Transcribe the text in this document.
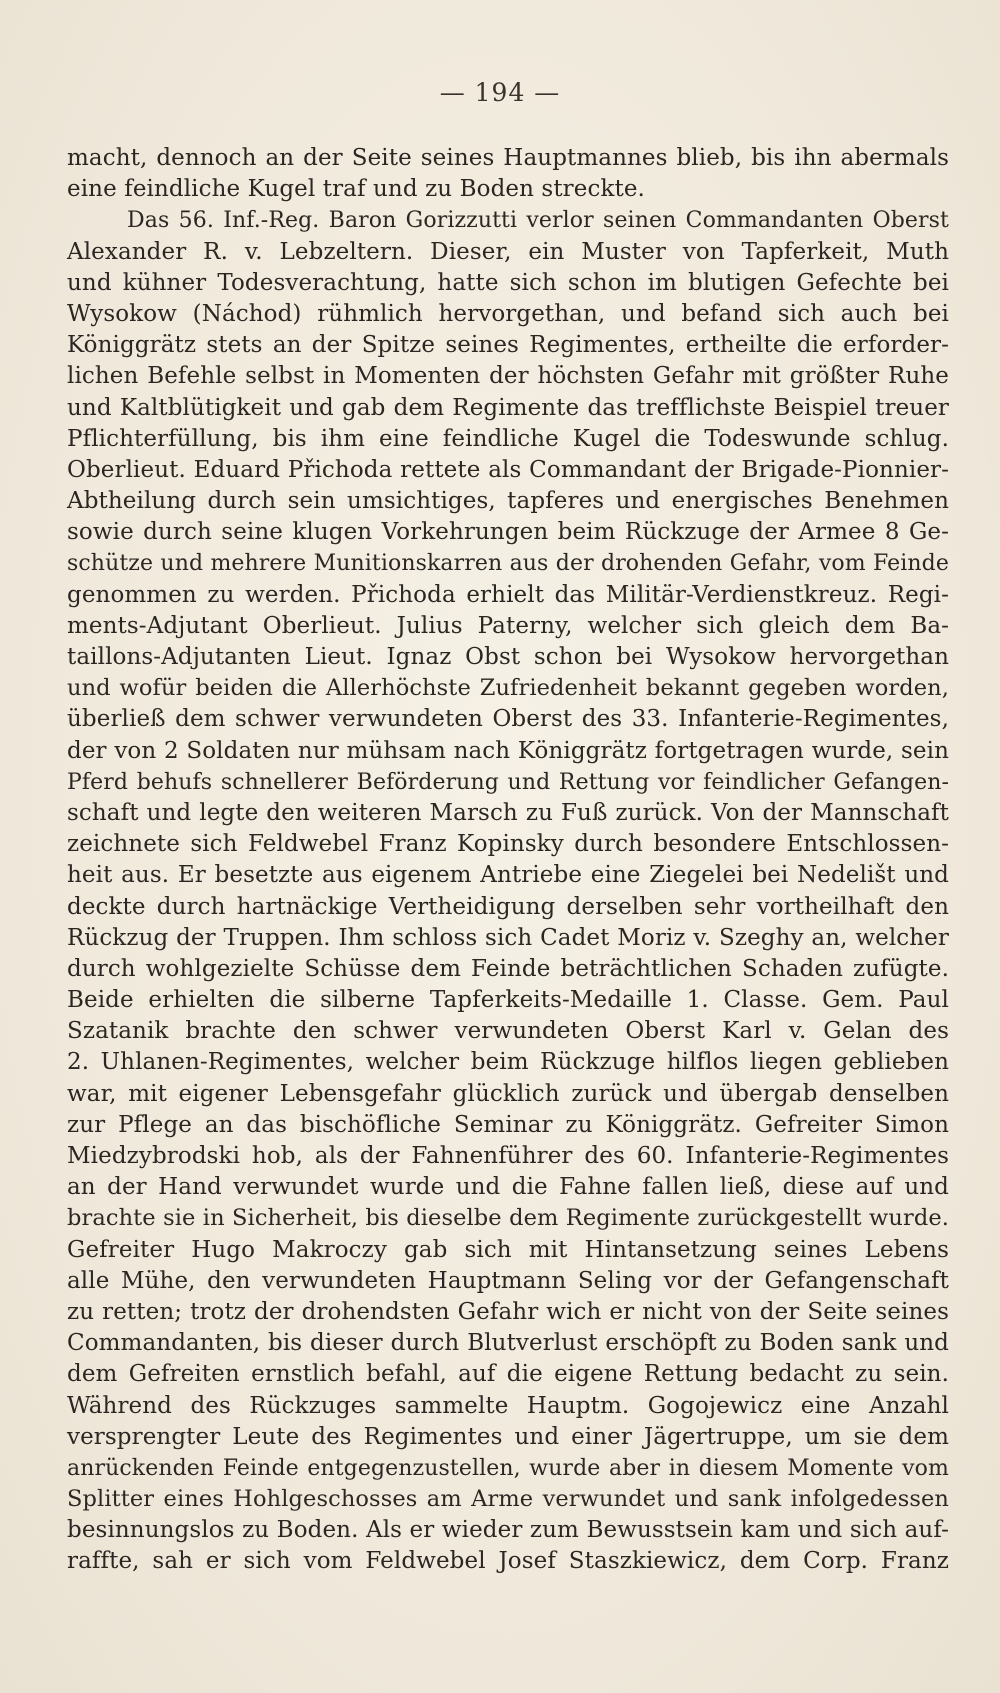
— 194 —
macht, dennoch an der Seite seines Hauptmannes blieb, bis ihn abermals
eine feindliche Kugel traf und zu Boden streckte.
Das 56. Inf.-Reg. Baron Gorizzutti verlor seinen Commandanten Oberst
Alexander R. v. Lebzeltern. Dieser, ein Muster von Tapferkeit, Muth
und kühner Todesverachtung, hatte sich schon im blutigen Gefechte bei
Wysokow (Náchod) rühmlich hervorgethan, und befand sich auch bei
Königgrätz stets an der Spitze seines Regimentes, ertheilte die erforder-
lichen Befehle selbst in Momenten der höchsten Gefahr mit größter Ruhe
und Kaltblütigkeit und gab dem Regimente das trefflichste Beispiel treuer
Pflichterfüllung, bis ihm eine feindliche Kugel die Todeswunde schlug.
Oberlieut. Eduard Přichoda rettete als Commandant der Brigade-Pionnier-
Abtheilung durch sein umsichtiges, tapferes und energisches Benehmen
sowie durch seine klugen Vorkehrungen beim Rückzuge der Armee 8 Ge-
schütze und mehrere Munitionskarren aus der drohenden Gefahr, vom Feinde
genommen zu werden. Přichoda erhielt das Militär-Verdienstkreuz. Regi-
ments-Adjutant Oberlieut. Julius Paterny, welcher sich gleich dem Ba-
taillons-Adjutanten Lieut. Ignaz Obst schon bei Wysokow hervorgethan
und wofür beiden die Allerhöchste Zufriedenheit bekannt gegeben worden,
überließ dem schwer verwundeten Oberst des 33. Infanterie-Regimentes,
der von 2 Soldaten nur mühsam nach Königgrätz fortgetragen wurde, sein
Pferd behufs schnellerer Beförderung und Rettung vor feindlicher Gefangen-
schaft und legte den weiteren Marsch zu Fuß zurück. Von der Mannschaft
zeichnete sich Feldwebel Franz Kopinsky durch besondere Entschlossen-
heit aus. Er besetzte aus eigenem Antriebe eine Ziegelei bei Nedelišt und
deckte durch hartnäckige Vertheidigung derselben sehr vortheilhaft den
Rückzug der Truppen. Ihm schloss sich Cadet Moriz v. Szeghy an, welcher
durch wohlgezielte Schüsse dem Feinde beträchtlichen Schaden zufügte.
Beide erhielten die silberne Tapferkeits-Medaille 1. Classe. Gem. Paul
Szatanik brachte den schwer verwundeten Oberst Karl v. Gelan des
2. Uhlanen-Regimentes, welcher beim Rückzuge hilflos liegen geblieben
war, mit eigener Lebensgefahr glücklich zurück und übergab denselben
zur Pflege an das bischöfliche Seminar zu Königgrätz. Gefreiter Simon
Miedzybrodski hob, als der Fahnenführer des 60. Infanterie-Regimentes
an der Hand verwundet wurde und die Fahne fallen ließ, diese auf und
brachte sie in Sicherheit, bis dieselbe dem Regimente zurückgestellt wurde.
Gefreiter Hugo Makroczy gab sich mit Hintansetzung seines Lebens
alle Mühe, den verwundeten Hauptmann Seling vor der Gefangenschaft
zu retten; trotz der drohendsten Gefahr wich er nicht von der Seite seines
Commandanten, bis dieser durch Blutverlust erschöpft zu Boden sank und
dem Gefreiten ernstlich befahl, auf die eigene Rettung bedacht zu sein.
Während des Rückzuges sammelte Hauptm. Gogojewicz eine Anzahl
versprengter Leute des Regimentes und einer Jägertruppe, um sie dem
anrückenden Feinde entgegenzustellen, wurde aber in diesem Momente vom
Splitter eines Hohlgeschosses am Arme verwundet und sank infolgedessen
besinnungslos zu Boden. Als er wieder zum Bewusstsein kam und sich auf-
raffte, sah er sich vom Feldwebel Josef Staszkiewicz, dem Corp. Franz
